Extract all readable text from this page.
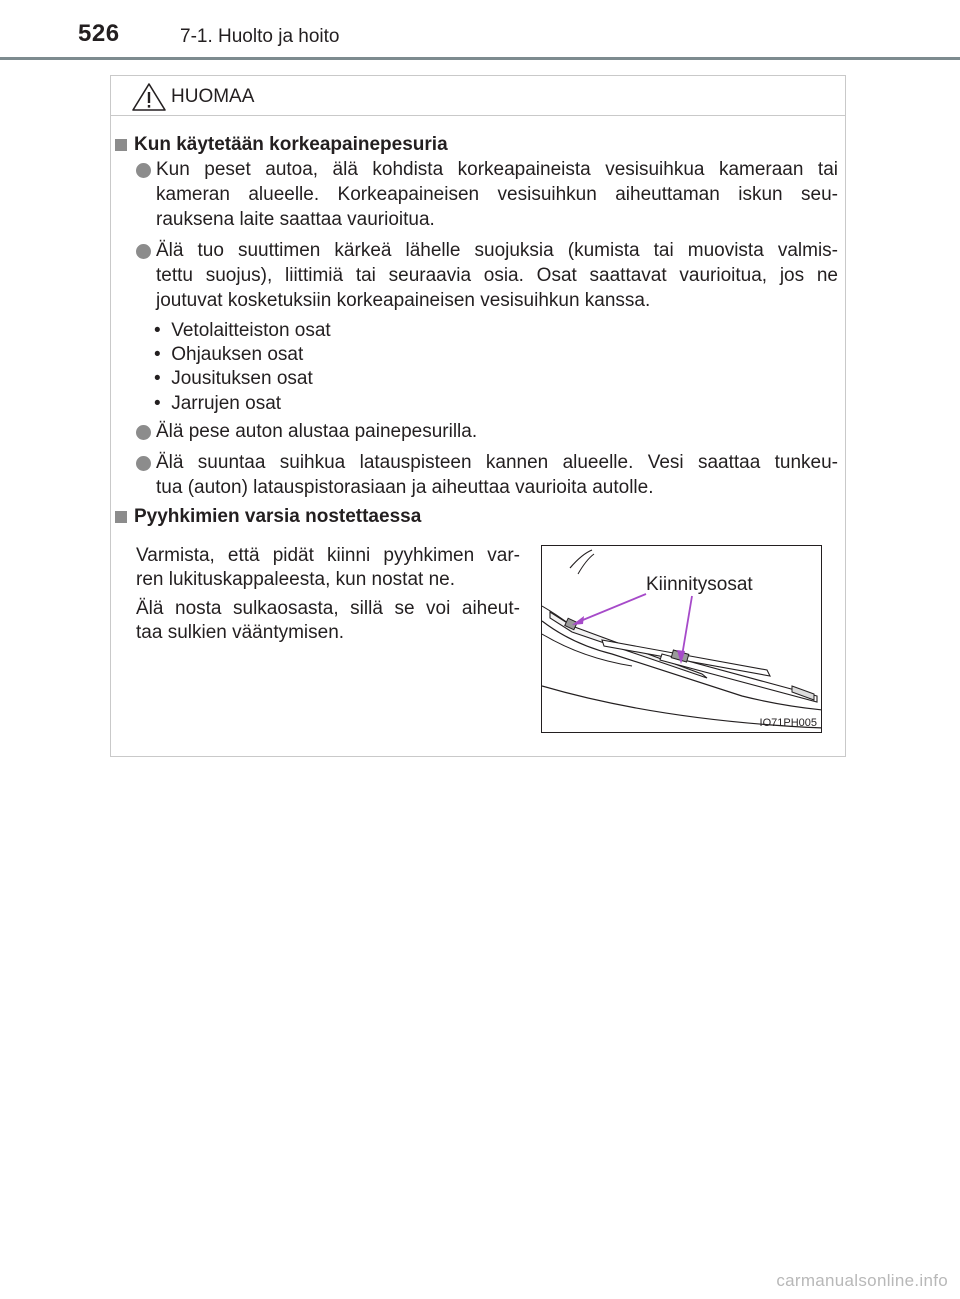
526	7-1. Huolto ja hoito
HUOMAA
Kun käytetään korkeapainepesuria
Kun peset autoa, älä kohdista korkeapaineista vesisuihkua kameraan tai
kameran alueelle. Korkeapaineisen vesisuihkun aiheuttaman iskun seu-
rauksena laite saattaa vaurioitua.
Älä tuo suuttimen kärkeä lähelle suojuksia (kumista tai muovista valmis-
tettu suojus), liittimiä tai seuraavia osia. Osat saattavat vaurioitua, jos ne
joutuvat kosketuksiin korkeapaineisen vesisuihkun kanssa.
•  Vetolaitteiston osat
•  Ohjauksen osat
•  Jousituksen osat
•  Jarrujen osat
Älä pese auton alustaa painepesurilla.
Älä suuntaa suihkua latauspisteen kannen alueelle. Vesi saattaa tunkeu-
tua (auton) latauspistorasiaan ja aiheuttaa vaurioita autolle.
Pyyhkimien varsia nostettaessa
Varmista, että pidät kiinni pyyhkimen var-
ren lukituskappaleesta, kun nostat ne.
Älä nosta sulkaosasta, sillä se voi aiheut-
taa sulkien vääntymisen.
Kiinnitysosat
IO71PH005
carmanualsonline.info
